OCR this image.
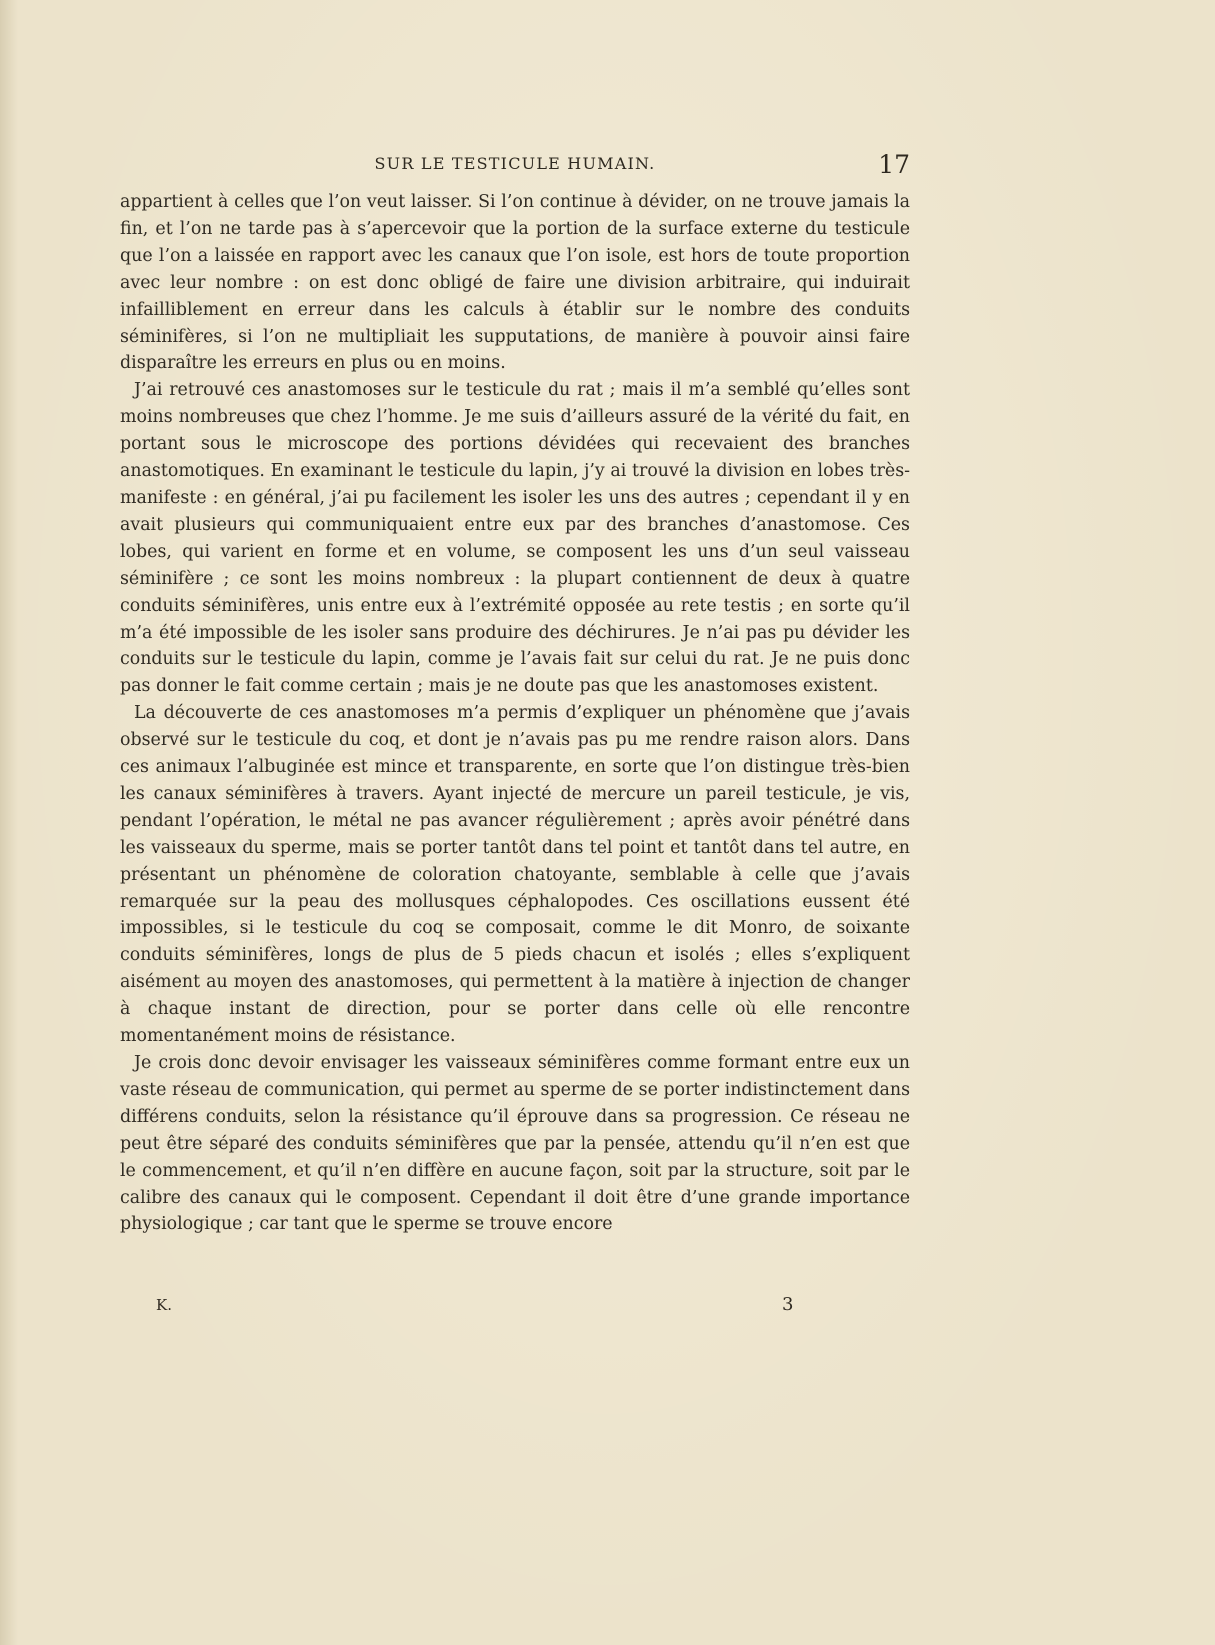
SUR LE TESTICULE HUMAIN.	17

appartient à celles que l’on veut laisser. Si l’on continue à dévider, on ne trouve jamais la fin, et l’on ne tarde pas à s’apercevoir que la portion de la surface externe du testicule que l’on a laissée en rapport avec les canaux que l’on isole, est hors de toute proportion avec leur nombre : on est donc obligé de faire une division arbitraire, qui induirait infailliblement en erreur dans les calculs à établir sur le nombre des conduits séminifères, si l’on ne multipliait les supputations, de manière à pouvoir ainsi faire disparaître les erreurs en plus ou en moins.

J’ai retrouvé ces anastomoses sur le testicule du rat ; mais il m’a semblé qu’elles sont moins nombreuses que chez l’homme. Je me suis d’ailleurs assuré de la vérité du fait, en portant sous le microscope des portions dévidées qui recevaient des branches anastomotiques. En examinant le testicule du lapin, j’y ai trouvé la division en lobes très-manifeste : en général, j’ai pu facilement les isoler les uns des autres ; cependant il y en avait plusieurs qui communiquaient entre eux par des branches d’anastomose. Ces lobes, qui varient en forme et en volume, se composent les uns d’un seul vaisseau séminifère ; ce sont les moins nombreux : la plupart contiennent de deux à quatre conduits séminifères, unis entre eux à l’extrémité opposée au rete testis ; en sorte qu’il m’a été impossible de les isoler sans produire des déchirures. Je n’ai pas pu dévider les conduits sur le testicule du lapin, comme je l’avais fait sur celui du rat. Je ne puis donc pas donner le fait comme certain ; mais je ne doute pas que les anastomoses existent.

La découverte de ces anastomoses m’a permis d’expliquer un phénomène que j’avais observé sur le testicule du coq, et dont je n’avais pas pu me rendre raison alors. Dans ces animaux l’albuginée est mince et transparente, en sorte que l’on distingue très-bien les canaux séminifères à travers. Ayant injecté de mercure un pareil testicule, je vis, pendant l’opération, le métal ne pas avancer régulièrement ; après avoir pénétré dans les vaisseaux du sperme, mais se porter tantôt dans tel point et tantôt dans tel autre, en présentant un phénomène de coloration chatoyante, semblable à celle que j’avais remarquée sur la peau des mollusques céphalopodes. Ces oscillations eussent été impossibles, si le testicule du coq se composait, comme le dit Monro, de soixante conduits séminifères, longs de plus de 5 pieds chacun et isolés ; elles s’expliquent aisément au moyen des anastomoses, qui permettent à la matière à injection de changer à chaque instant de direction, pour se porter dans celle où elle rencontre momentanément moins de résistance.

Je crois donc devoir envisager les vaisseaux séminifères comme formant entre eux un vaste réseau de communication, qui permet au sperme de se porter indistinctement dans différens conduits, selon la résistance qu’il éprouve dans sa progression. Ce réseau ne peut être séparé des conduits séminifères que par la pensée, attendu qu’il n’en est que le commencement, et qu’il n’en diffère en aucune façon, soit par la structure, soit par le calibre des canaux qui le composent. Cependant il doit être d’une grande importance physiologique ; car tant que le sperme se trouve encore

K.	3
